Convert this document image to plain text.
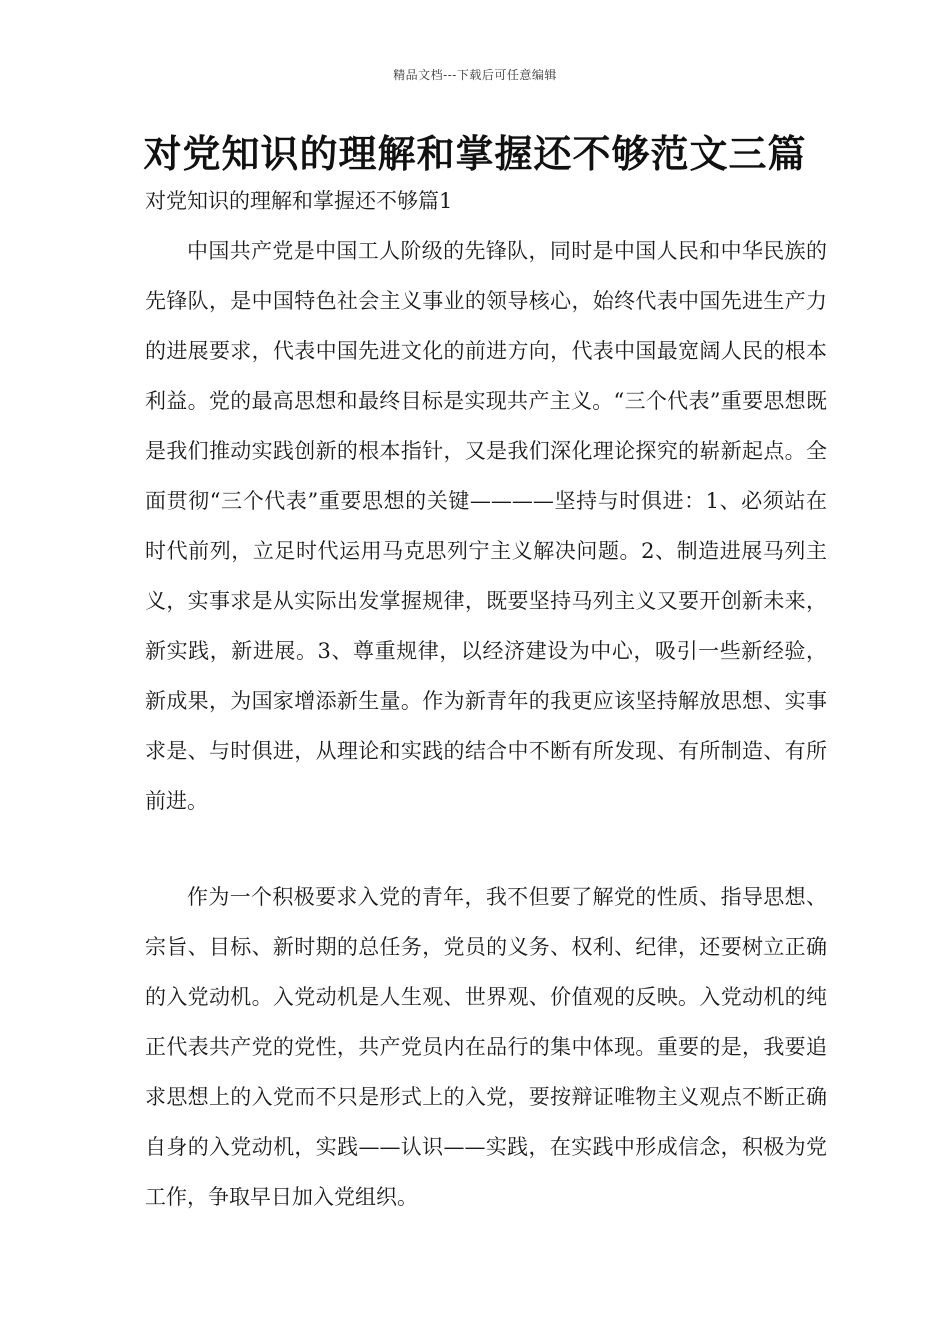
精品文档---下载后可任意编辑
对党知识的理解和掌握还不够范文三篇
对党知识的理解和掌握还不够篇1

中国共产党是中国工人阶级的先锋队，同时是中国人民和中华民族的先锋队，是中国特色社会主义事业的领导核心，始终代表中国先进生产力的进展要求，代表中国先进文化的前进方向，代表中国最宽阔人民的根本利益。党的最高思想和最终目标是实现共产主义。“三个代表”重要思想既是我们推动实践创新的根本指针，又是我们深化理论探究的崭新起点。全面贯彻“三个代表”重要思想的关键————坚持与时俱进：1、必须站在时代前列，立足时代运用马克思列宁主义解决问题。2、制造进展马列主义，实事求是从实际出发掌握规律，既要坚持马列主义又要开创新未来，新实践，新进展。3、尊重规律，以经济建设为中心，吸引一些新经验，新成果，为国家增添新生量。作为新青年的我更应该坚持解放思想、实事求是、与时俱进，从理论和实践的结合中不断有所发现、有所制造、有所前进。

作为一个积极要求入党的青年，我不但要了解党的性质、指导思想、宗旨、目标、新时期的总任务，党员的义务、权利、纪律，还要树立正确的入党动机。入党动机是人生观、世界观、价值观的反映。入党动机的纯正代表共产党的党性，共产党员内在品行的集中体现。重要的是，我要追求思想上的入党而不只是形式上的入党，要按辩证唯物主义观点不断正确自身的入党动机，实践——认识——实践，在实践中形成信念，积极为党工作，争取早日加入党组织。
